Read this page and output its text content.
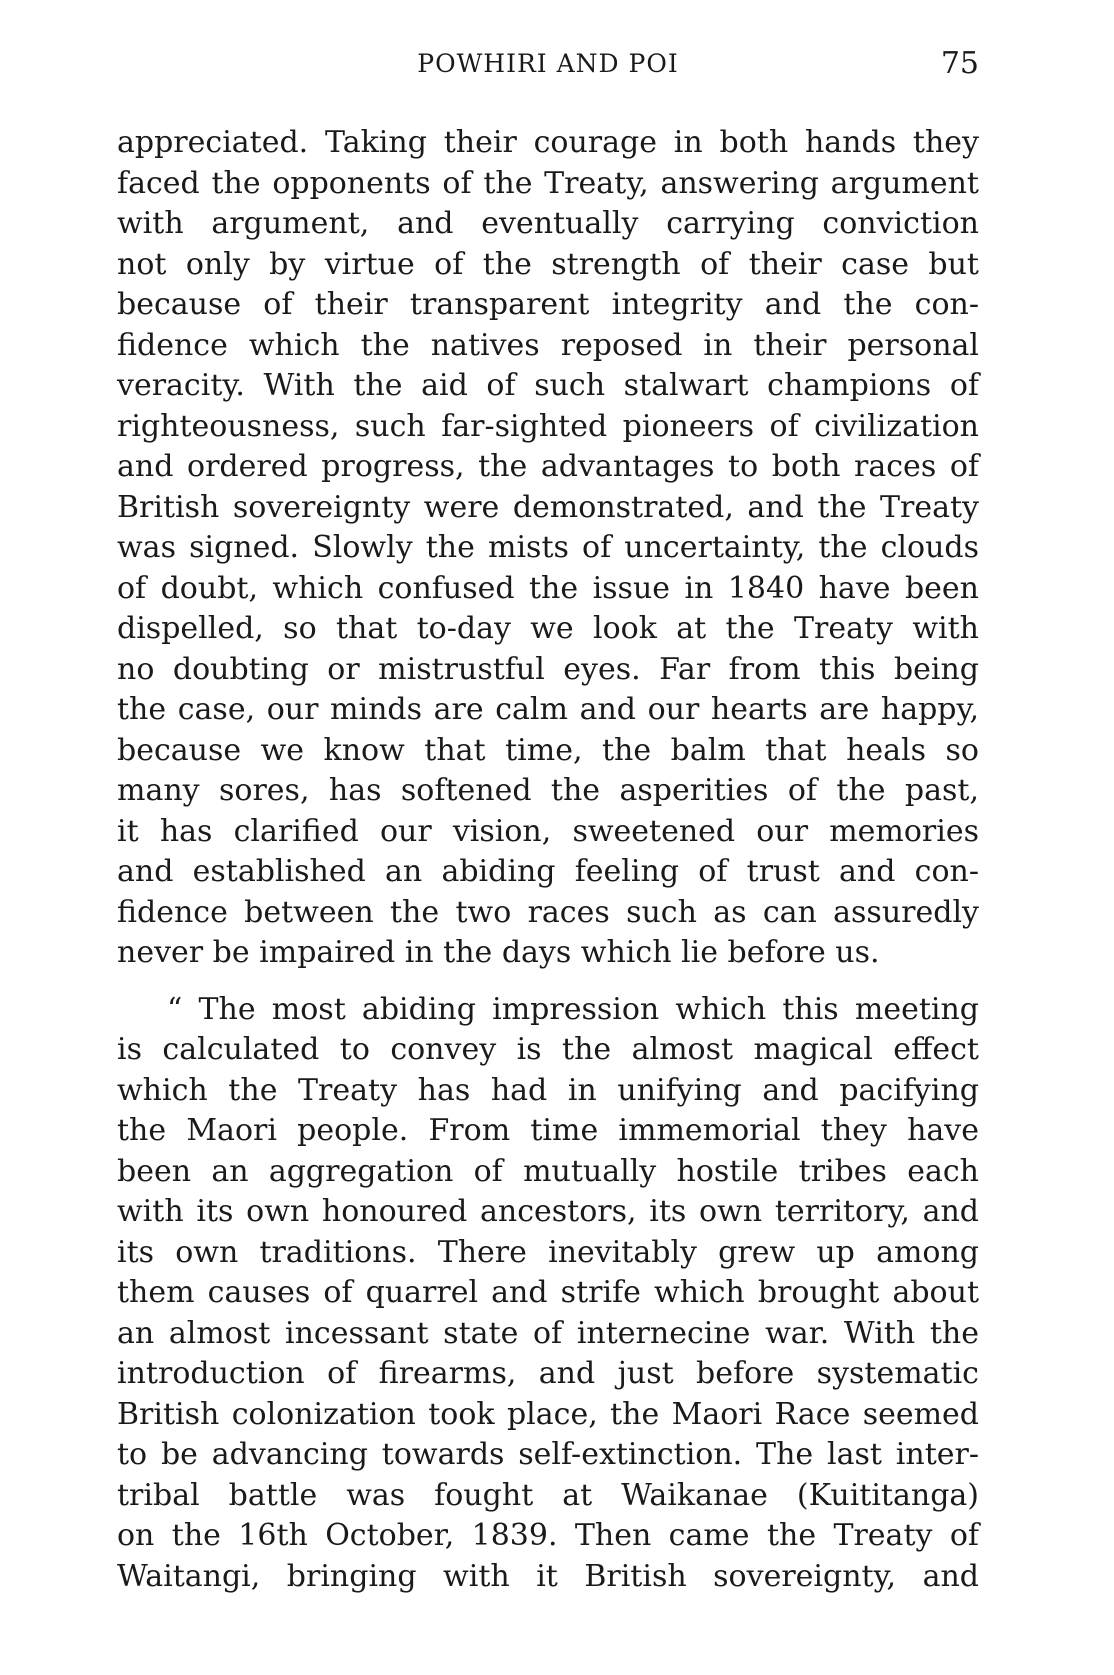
POWHIRI AND POI	75
appreciated. Taking their courage in both hands they
faced the opponents of the Treaty, answering argument
with argument, and eventually carrying conviction
not only by virtue of the strength of their case but
because of their transparent integrity and the con-
fidence which the natives reposed in their personal
veracity. With the aid of such stalwart champions of
righteousness, such far-sighted pioneers of civilization
and ordered progress, the advantages to both races of
British sovereignty were demonstrated, and the Treaty
was signed. Slowly the mists of uncertainty, the clouds
of doubt, which confused the issue in 1840 have been
dispelled, so that to-day we look at the Treaty with
no doubting or mistrustful eyes. Far from this being
the case, our minds are calm and our hearts are happy,
because we know that time, the balm that heals so
many sores, has softened the asperities of the past,
it has clarified our vision, sweetened our memories
and established an abiding feeling of trust and con-
fidence between the two races such as can assuredly
never be impaired in the days which lie before us.
“ The most abiding impression which this meeting
is calculated to convey is the almost magical effect
which the Treaty has had in unifying and pacifying
the Maori people. From time immemorial they have
been an aggregation of mutually hostile tribes each
with its own honoured ancestors, its own territory, and
its own traditions. There inevitably grew up among
them causes of quarrel and strife which brought about
an almost incessant state of internecine war. With the
introduction of firearms, and just before systematic
British colonization took place, the Maori Race seemed
to be advancing towards self-extinction. The last inter-
tribal battle was fought at Waikanae (Kuititanga)
on the 16th October, 1839. Then came the Treaty of
Waitangi, bringing with it British sovereignty, and
